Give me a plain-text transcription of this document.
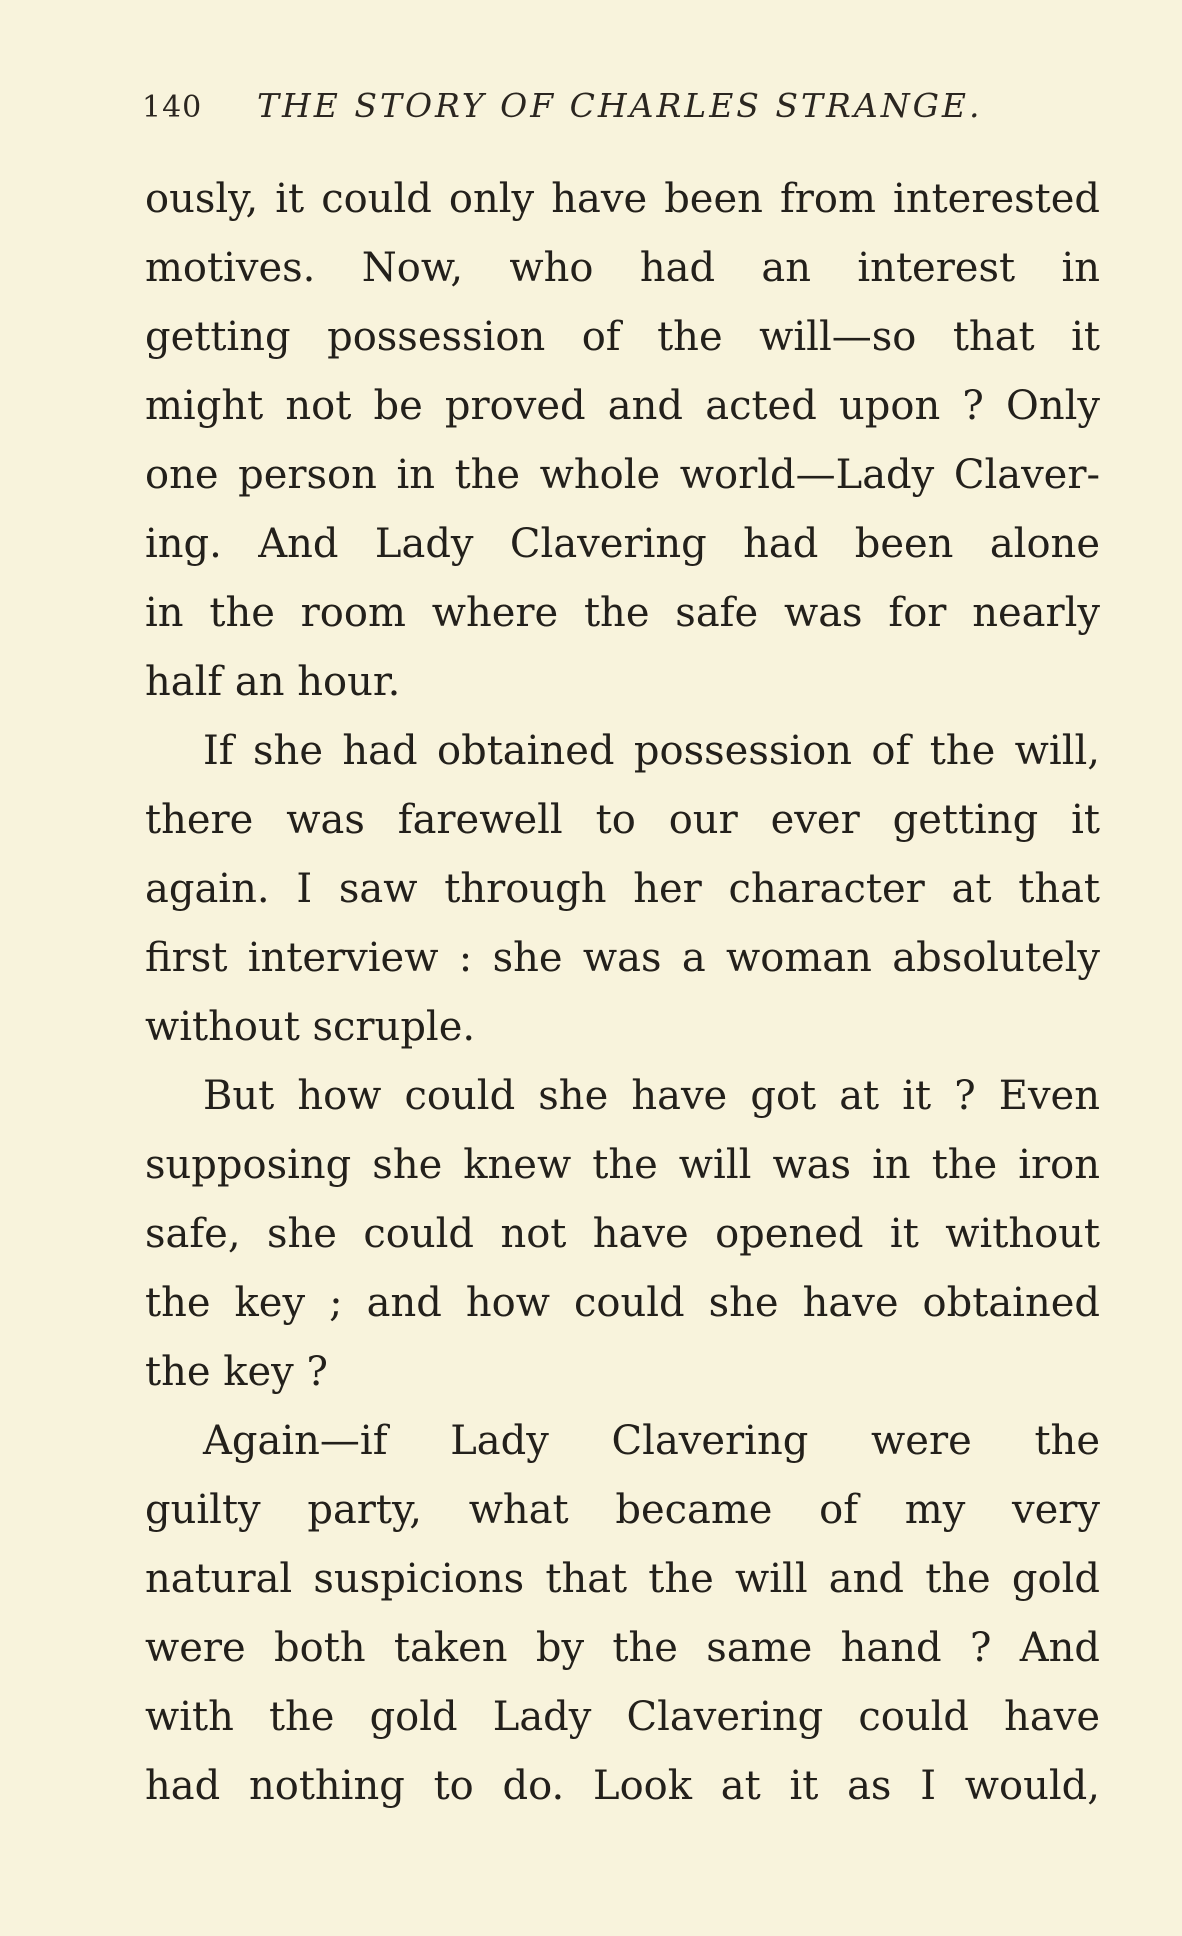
140 THE STORY OF CHARLES STRANGE.
ously, it could only have been from interested
motives. Now, who had an interest in
getting possession of the will—so that it
might not be proved and acted upon ? Only
one person in the whole world—Lady Claver-
ing. And Lady Clavering had been alone
in the room where the safe was for nearly
half an hour.
If she had obtained possession of the will,
there was farewell to our ever getting it
again. I saw through her character at that
first interview : she was a woman absolutely
without scruple.
But how could she have got at it ? Even
supposing she knew the will was in the iron
safe, she could not have opened it without
the key ; and how could she have obtained
the key ?
Again—if Lady Clavering were the
guilty party, what became of my very
natural suspicions that the will and the gold
were both taken by the same hand ? And
with the gold Lady Clavering could have
had nothing to do. Look at it as I would,
